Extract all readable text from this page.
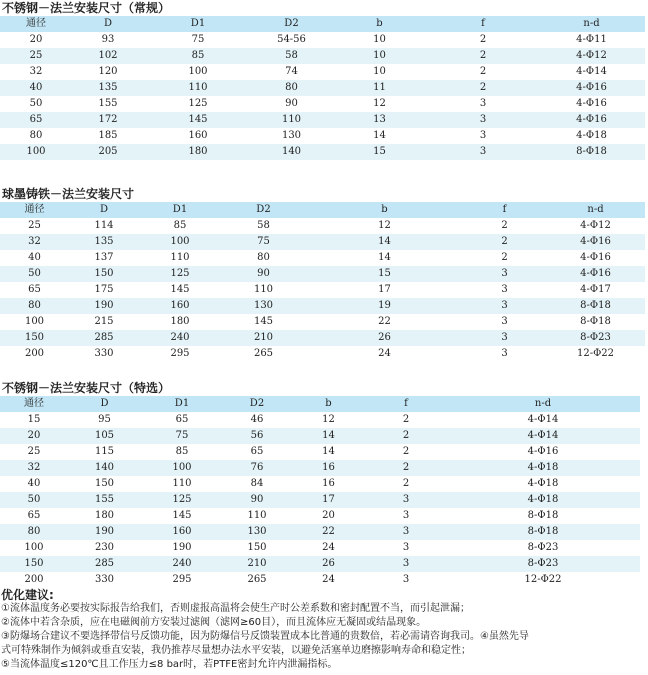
不锈钢－法兰安装尺寸（常规）
通径	D	D1	D2	b	f	n-d
20	93	75	54-56	10	2	4-Φ11
25	102	85	58	10	2	4-Φ12
32	120	100	74	10	2	4-Φ14
40	135	110	80	11	2	4-Φ16
50	155	125	90	12	3	4-Φ16
65	172	145	110	13	3	4-Φ16
80	185	160	130	14	3	4-Φ18
100	205	180	140	15	3	8-Φ18
球墨铸铁－法兰安装尺寸
通径	D	D1	D2	b	f	n-d
25	114	85	58	12	2	4-Φ12
32	135	100	75	14	2	4-Φ16
40	137	110	80	14	2	4-Φ16
50	150	125	90	15	3	4-Φ16
65	175	145	110	17	3	4-Φ17
80	190	160	130	19	3	8-Φ18
100	215	180	145	22	3	8-Φ18
150	285	240	210	26	3	8-Φ23
200	330	295	265	24	3	12-Φ22
不锈钢－法兰安装尺寸（特选）
通径	D	D1	D2	b	f	n-d
15	95	65	46	12	2	4-Φ14
20	105	75	56	14	2	4-Φ14
25	115	85	65	14	2	4-Φ16
32	140	100	76	16	2	4-Φ18
40	150	110	84	16	2	4-Φ18
50	155	125	90	17	3	4-Φ18
65	180	145	110	20	3	8-Φ18
80	190	160	130	22	3	8-Φ18
100	230	190	150	24	3	8-Φ23
150	285	240	210	26	3	8-Φ23
200	330	295	265	24	3	12-Φ22
优化建议:
①流体温度务必要按实际报告给我们，否则虚报高温将会使生产时公差系数和密封配置不当，而引起泄漏；
②流体中若含杂质，应在电磁阀前方安装过滤阀（滤网≥60目），而且流体应无凝固或结晶现象。
③防爆场合建议不要选择带信号反馈功能，因为防爆信号反馈装置成本比普通的贵数倍，若必需请咨询我司。④虽然先导
式可特殊制作为倾斜或垂直安装，我仍推荐尽量想办法水平安装，以避免活塞单边磨擦影响寿命和稳定性；
⑤当流体温度≤120℃且工作压力≤8 bar时，若PTFE密封允许内泄漏指标。
